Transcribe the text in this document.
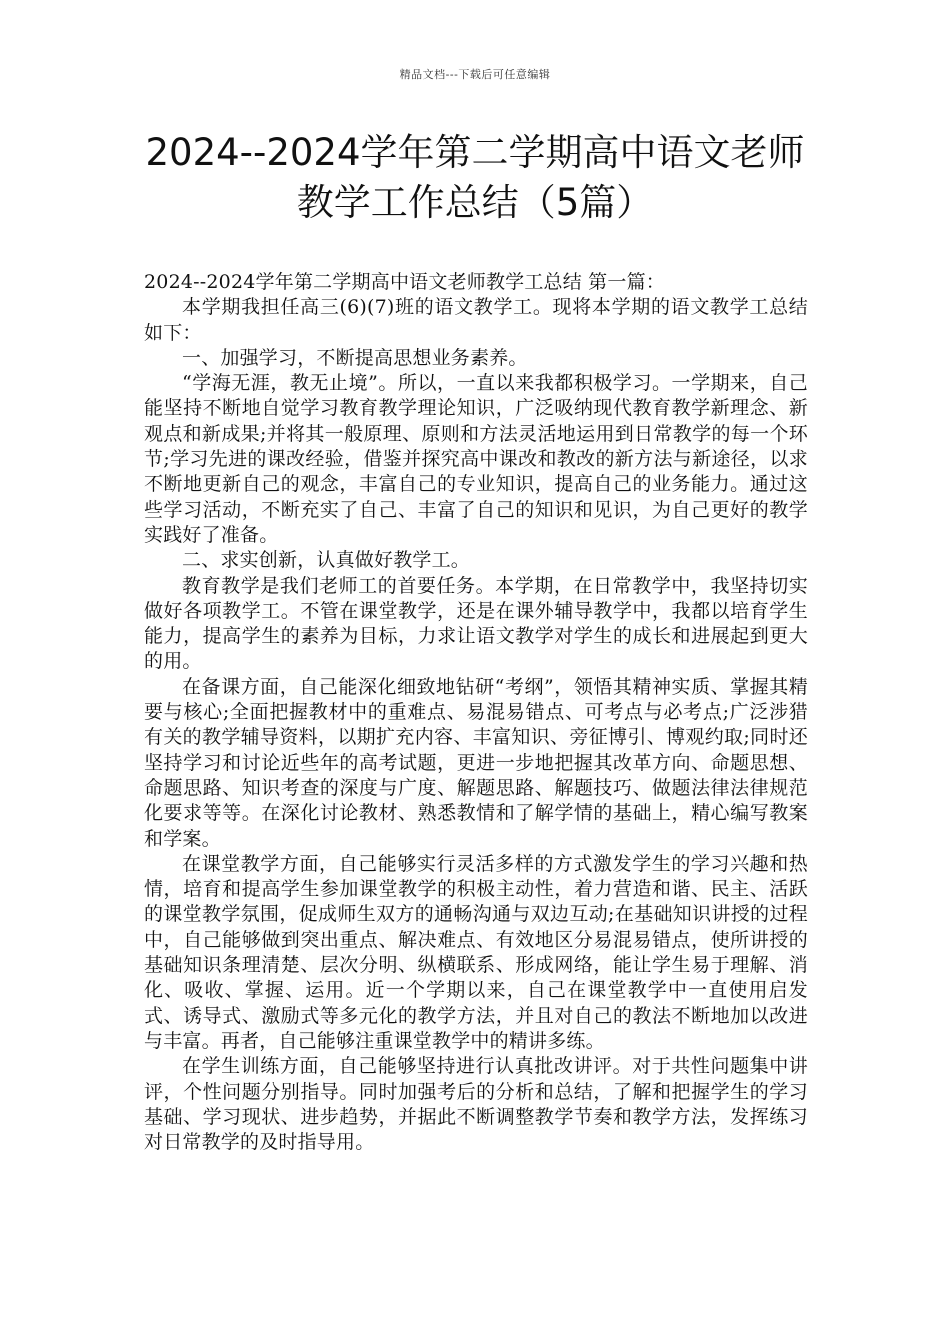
精品文档---下载后可任意编辑
2024--2024学年第二学期高中语文老师
教学工作总结（5篇）

2024--2024学年第二学期高中语文老师教学工总结 第一篇：

本学期我担任高三(6)(7)班的语文教学工。现将本学期的语文教学工总结如下：

一、加强学习，不断提高思想业务素养。

“学海无涯，教无止境”。所以，一直以来我都积极学习。一学期来，自己能坚持不断地自觉学习教育教学理论知识，广泛吸纳现代教育教学新理念、新观点和新成果;并将其一般原理、原则和方法灵活地运用到日常教学的每一个环节;学习先进的课改经验，借鉴并探究高中课改和教改的新方法与新途径，以求不断地更新自己的观念，丰富自己的专业知识，提高自己的业务能力。通过这些学习活动，不断充实了自己、丰富了自己的知识和见识，为自己更好的教学实践好了准备。

二、求实创新，认真做好教学工。

教育教学是我们老师工的首要任务。本学期，在日常教学中，我坚持切实做好各项教学工。不管在课堂教学，还是在课外辅导教学中，我都以培育学生能力，提高学生的素养为目标，力求让语文教学对学生的成长和进展起到更大的用。

在备课方面，自己能深化细致地钻研“考纲”，领悟其精神实质、掌握其精要与核心;全面把握教材中的重难点、易混易错点、可考点与必考点;广泛涉猎有关的教学辅导资料，以期扩充内容、丰富知识、旁征博引、博观约取;同时还坚持学习和讨论近些年的高考试题，更进一步地把握其改革方向、命题思想、命题思路、知识考查的深度与广度、解题思路、解题技巧、做题法律法律规范化要求等等。在深化讨论教材、熟悉教情和了解学情的基础上，精心编写教案和学案。

在课堂教学方面，自己能够实行灵活多样的方式激发学生的学习兴趣和热情，培育和提高学生参加课堂教学的积极主动性，着力营造和谐、民主、活跃的课堂教学氛围，促成师生双方的通畅沟通与双边互动;在基础知识讲授的过程中，自己能够做到突出重点、解决难点、有效地区分易混易错点，使所讲授的基础知识条理清楚、层次分明、纵横联系、形成网络，能让学生易于理解、消化、吸收、掌握、运用。近一个学期以来，自己在课堂教学中一直使用启发式、诱导式、激励式等多元化的教学方法，并且对自己的教法不断地加以改进与丰富。再者，自己能够注重课堂教学中的精讲多练。

在学生训练方面，自己能够坚持进行认真批改讲评。对于共性问题集中讲评，个性问题分别指导。同时加强考后的分析和总结，了解和把握学生的学习基础、学习现状、进步趋势，并据此不断调整教学节奏和教学方法，发挥练习对日常教学的及时指导用。
